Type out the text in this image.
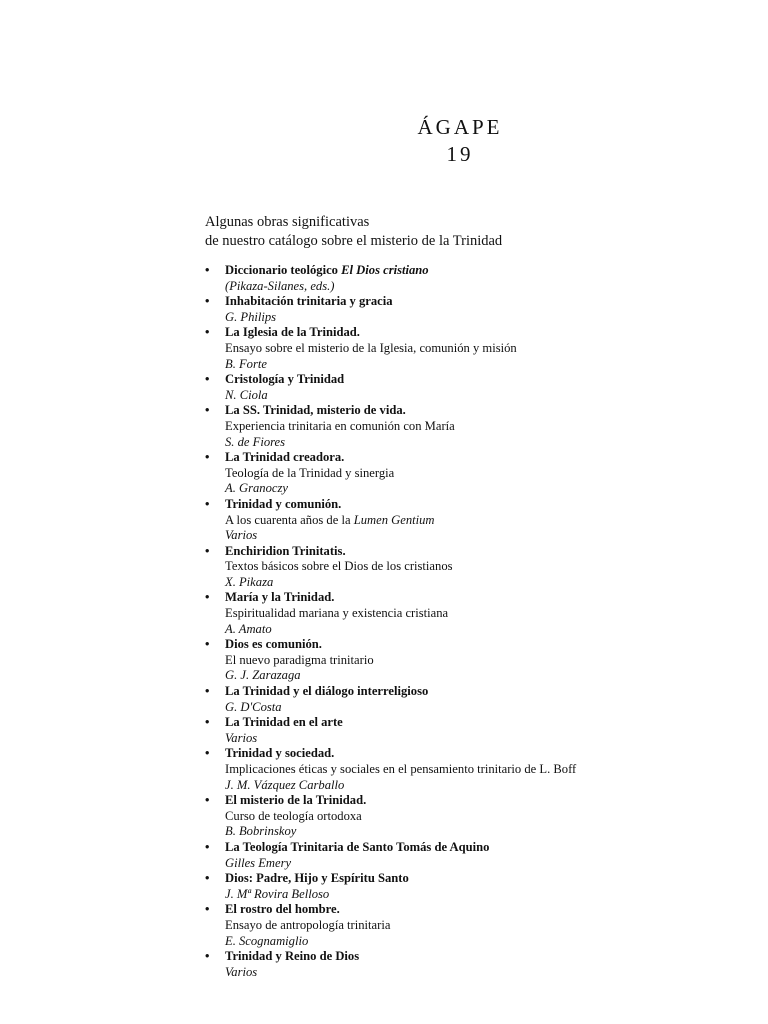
ÁGAPE
19
Algunas obras significativas
de nuestro catálogo sobre el misterio de la Trinidad
• Diccionario teológico El Dios cristiano
(Pikaza-Silanes, eds.)
• Inhabitación trinitaria y gracia
G. Philips
• La Iglesia de la Trinidad.
Ensayo sobre el misterio de la Iglesia, comunión y misión
B. Forte
• Cristología y Trinidad
N. Ciola
• La SS. Trinidad, misterio de vida.
Experiencia trinitaria en comunión con María
S. de Fiores
• La Trinidad creadora.
Teología de la Trinidad y sinergia
A. Granoczy
• Trinidad y comunión.
A los cuarenta años de la Lumen Gentium
Varios
• Enchiridion Trinitatis.
Textos básicos sobre el Dios de los cristianos
X. Pikaza
• María y la Trinidad.
Espiritualidad mariana y existencia cristiana
A. Amato
• Dios es comunión.
El nuevo paradigma trinitario
G. J. Zarazaga
• La Trinidad y el diálogo interreligioso
G. D'Costa
• La Trinidad en el arte
Varios
• Trinidad y sociedad.
Implicaciones éticas y sociales en el pensamiento trinitario de L. Boff
J. M. Vázquez Carballo
• El misterio de la Trinidad.
Curso de teología ortodoxa
B. Bobrinskoy
• La Teología Trinitaria de Santo Tomás de Aquino
Gilles Emery
• Dios: Padre, Hijo y Espíritu Santo
J. Mª Rovira Belloso
• El rostro del hombre.
Ensayo de antropología trinitaria
E. Scognamiglio
• Trinidad y Reino de Dios
Varios
